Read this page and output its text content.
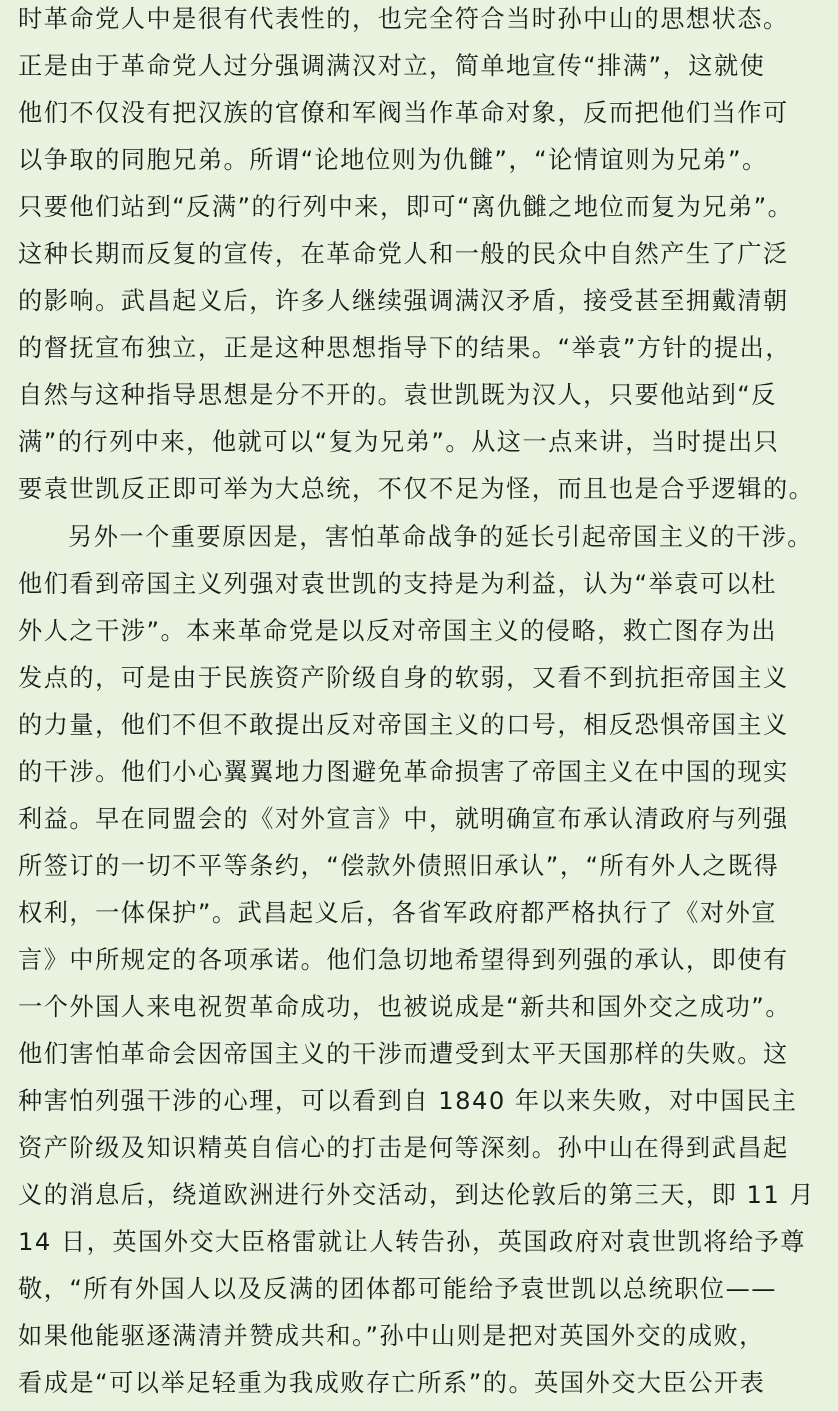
时革命党人中是很有代表性的，也完全符合当时孙中山的思想状态。
正是由于革命党人过分强调满汉对立，简单地宣传“排满”，这就使
他们不仅没有把汉族的官僚和军阀当作革命对象，反而把他们当作可
以争取的同胞兄弟。所谓“论地位则为仇雠”，“论情谊则为兄弟”。
只要他们站到“反满”的行列中来，即可“离仇雠之地位而复为兄弟”。
这种长期而反复的宣传，在革命党人和一般的民众中自然产生了广泛
的影响。武昌起义后，许多人继续强调满汉矛盾，接受甚至拥戴清朝
的督抚宣布独立，正是这种思想指导下的结果。“举袁”方针的提出，
自然与这种指导思想是分不开的。袁世凯既为汉人，只要他站到“反
满”的行列中来，他就可以“复为兄弟”。从这一点来讲，当时提出只
要袁世凯反正即可举为大总统，不仅不足为怪，而且也是合乎逻辑的。
另外一个重要原因是，害怕革命战争的延长引起帝国主义的干涉。
他们看到帝国主义列强对袁世凯的支持是为利益，认为“举袁可以杜
外人之干涉”。本来革命党是以反对帝国主义的侵略，救亡图存为出
发点的，可是由于民族资产阶级自身的软弱，又看不到抗拒帝国主义
的力量，他们不但不敢提出反对帝国主义的口号，相反恐惧帝国主义
的干涉。他们小心翼翼地力图避免革命损害了帝国主义在中国的现实
利益。早在同盟会的《对外宣言》中，就明确宣布承认清政府与列强
所签订的一切不平等条约，“偿款外债照旧承认”，“所有外人之既得
权利，一体保护”。武昌起义后，各省军政府都严格执行了《对外宣
言》中所规定的各项承诺。他们急切地希望得到列强的承认，即使有
一个外国人来电祝贺革命成功，也被说成是“新共和国外交之成功”。
他们害怕革命会因帝国主义的干涉而遭受到太平天国那样的失败。这
种害怕列强干涉的心理，可以看到自 1840 年以来失败，对中国民主
资产阶级及知识精英自信心的打击是何等深刻。孙中山在得到武昌起
义的消息后，绕道欧洲进行外交活动，到达伦敦后的第三天，即 11 月
14 日，英国外交大臣格雷就让人转告孙，英国政府对袁世凯将给予尊
敬，“所有外国人以及反满的团体都可能给予袁世凯以总统职位——
如果他能驱逐满清并赞成共和。”孙中山则是把对英国外交的成败，
看成是“可以举足轻重为我成败存亡所系”的。英国外交大臣公开表
